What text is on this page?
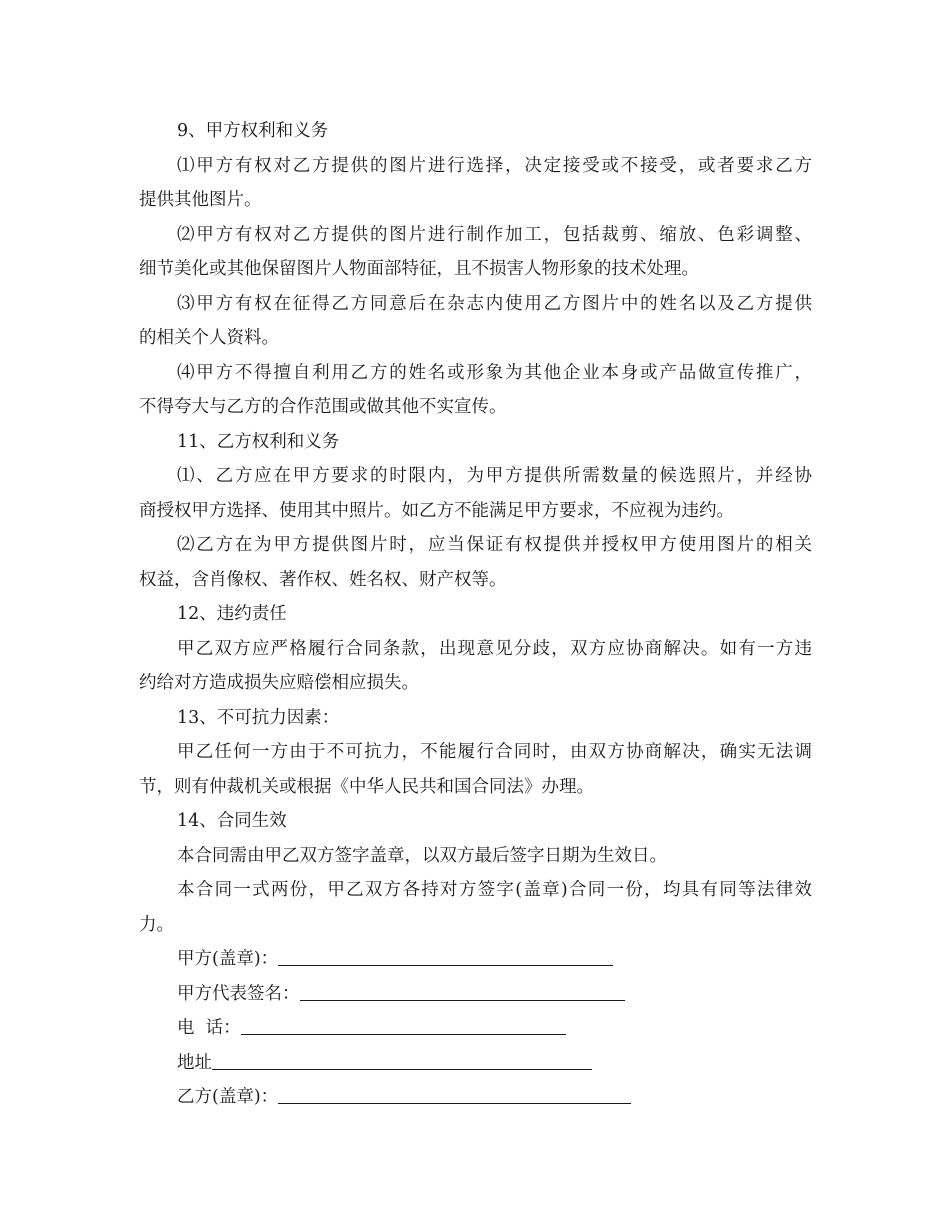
9、甲方权利和义务
⑴甲方有权对乙方提供的图片进行选择，决定接受或不接受，或者要求乙方
提供其他图片。
⑵甲方有权对乙方提供的图片进行制作加工，包括裁剪、缩放、色彩调整、
细节美化或其他保留图片人物面部特征，且不损害人物形象的技术处理。
⑶甲方有权在征得乙方同意后在杂志内使用乙方图片中的姓名以及乙方提供
的相关个人资料。
⑷甲方不得擅自利用乙方的姓名或形象为其他企业本身或产品做宣传推广，
不得夸大与乙方的合作范围或做其他不实宣传。
11、乙方权利和义务
⑴、乙方应在甲方要求的时限内，为甲方提供所需数量的候选照片，并经协
商授权甲方选择、使用其中照片。如乙方不能满足甲方要求，不应视为违约。
⑵乙方在为甲方提供图片时，应当保证有权提供并授权甲方使用图片的相关
权益，含肖像权、著作权、姓名权、财产权等。
12、违约责任
甲乙双方应严格履行合同条款，出现意见分歧，双方应协商解决。如有一方违
约给对方造成损失应赔偿相应损失。
13、不可抗力因素：
甲乙任何一方由于不可抗力，不能履行合同时，由双方协商解决，确实无法调
节，则有仲裁机关或根据《中华人民共和国合同法》办理。
14、合同生效
本合同需由甲乙双方签字盖章，以双方最后签字日期为生效日。
本合同一式两份，甲乙双方各持对方签字(盖章)合同一份，均具有同等法律效
力。
甲方(盖章)：
甲方代表签名：
电  话：
地址
乙方(盖章)：
